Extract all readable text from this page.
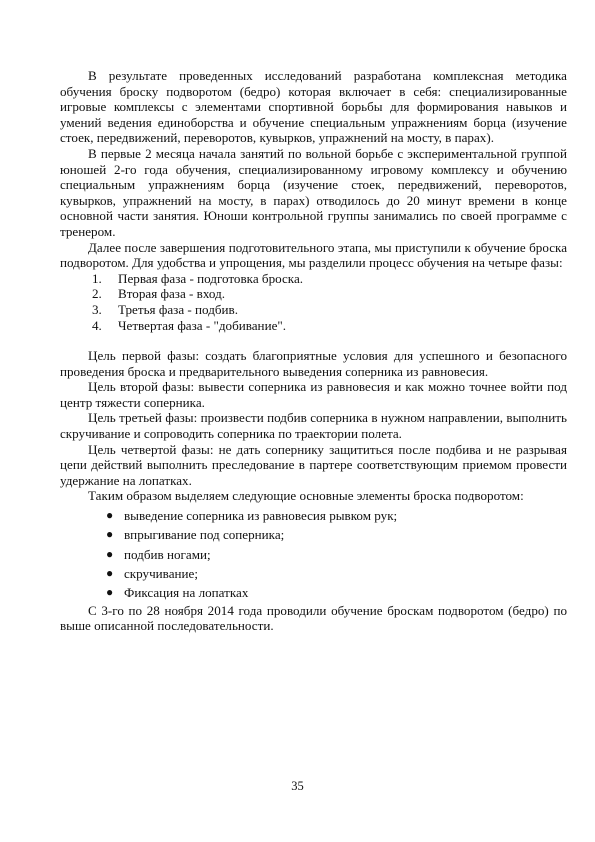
В результате проведенных исследований разработана комплексная методика обучения броску подворотом (бедро) которая включает в себя: специализированные игровые комплексы с элементами спортивной борьбы для формирования навыков и умений ведения единоборства и обучение специальным упражнениям борца (изучение стоек, передвижений, переворотов, кувырков, упражнений на мосту, в парах).

В первые 2 месяца начала занятий по вольной борьбе с экспериментальной группой юношей 2-го года обучения, специализированному игровому комплексу и обучению специальным упражнениям борца (изучение стоек, передвижений, переворотов, кувырков, упражнений на мосту, в парах) отводилось до 20 минут времени в конце основной части занятия. Юноши контрольной группы занимались по своей программе с тренером.

Далее после завершения подготовительного этапа, мы приступили к обучение броска подворотом. Для удобства и упрощения, мы разделили процесс обучения на четыре фазы:

1. Первая фаза - подготовка броска.
2. Вторая фаза - вход.
3. Третья фаза - подбив.
4. Четвертая фаза - "добивание".

Цель первой фазы: создать благоприятные условия для успешного и безопасного проведения броска и предварительного выведения соперника из равновесия.

Цель второй фазы: вывести соперника из равновесия и как можно точнее войти под центр тяжести соперника.

Цель третьей фазы: произвести подбив соперника в нужном направлении, выполнить скручивание и сопроводить соперника по траектории полета.

Цель четвертой фазы: не дать сопернику защититься после подбива и не разрывая цепи действий выполнить преследование в партере соответствующим приемом провести удержание на лопатках.

Таким образом выделяем следующие основные элементы броска подворотом:

● выведение соперника из равновесия рывком рук;
● впрыгивание под соперника;
● подбив ногами;
● скручивание;
● Фиксация на лопатках

С 3-го по 28 ноября 2014 года проводили обучение броскам подворотом (бедро) по выше описанной последовательности.

35
